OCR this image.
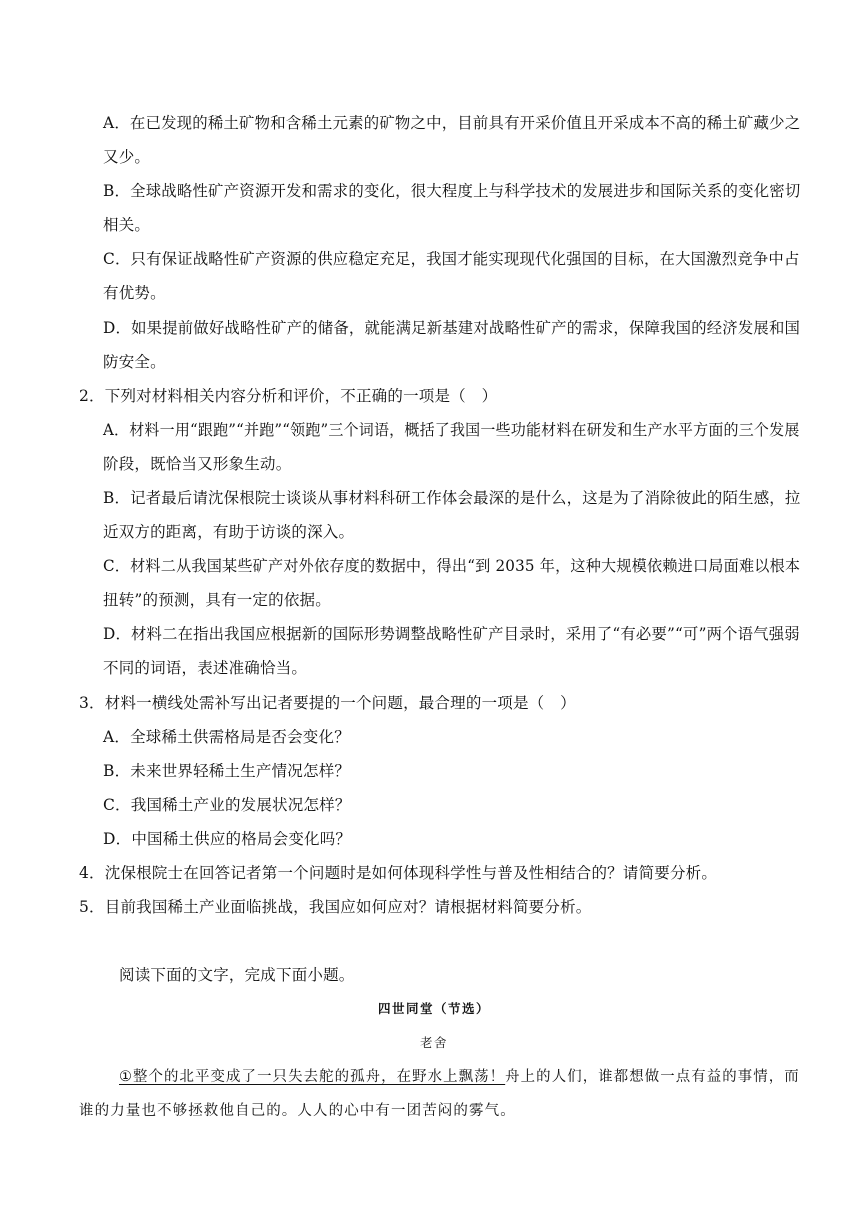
A．在已发现的稀土矿物和含稀土元素的矿物之中，目前具有开采价值且开采成本不高的稀土矿藏少之
又少。
B．全球战略性矿产资源开发和需求的变化，很大程度上与科学技术的发展进步和国际关系的变化密切
相关。
C．只有保证战略性矿产资源的供应稳定充足，我国才能实现现代化强国的目标，在大国激烈竞争中占
有优势。
D．如果提前做好战略性矿产的储备，就能满足新基建对战略性矿产的需求，保障我国的经济发展和国
防安全。
2．下列对材料相关内容分析和评价，不正确的一项是（　）
A．材料一用“跟跑”“并跑”“领跑”三个词语，概括了我国一些功能材料在研发和生产水平方面的三个发展
阶段，既恰当又形象生动。
B．记者最后请沈保根院士谈谈从事材料科研工作体会最深的是什么，这是为了消除彼此的陌生感，拉
近双方的距离，有助于访谈的深入。
C．材料二从我国某些矿产对外依存度的数据中，得出“到 2035 年，这种大规模依赖进口局面难以根本
扭转”的预测，具有一定的依据。
D．材料二在指出我国应根据新的国际形势调整战略性矿产目录时，采用了“有必要”“可”两个语气强弱
不同的词语，表述准确恰当。
3．材料一横线处需补写出记者要提的一个问题，最合理的一项是（　）
A．全球稀土供需格局是否会变化？
B．未来世界轻稀土生产情况怎样？
C．我国稀土产业的发展状况怎样？
D．中国稀土供应的格局会变化吗？
4．沈保根院士在回答记者第一个问题时是如何体现科学性与普及性相结合的？请简要分析。
5．目前我国稀土产业面临挑战，我国应如何应对？请根据材料简要分析。
阅读下面的文字，完成下面小题。
四世同堂（节选）
老舍
①整个的北平变成了一只失去舵的孤舟，在野水上飘荡！舟上的人们，谁都想做一点有益的事情，而
谁的力量也不够拯救他自己的。人人的心中有一团苦闷的雾气。
